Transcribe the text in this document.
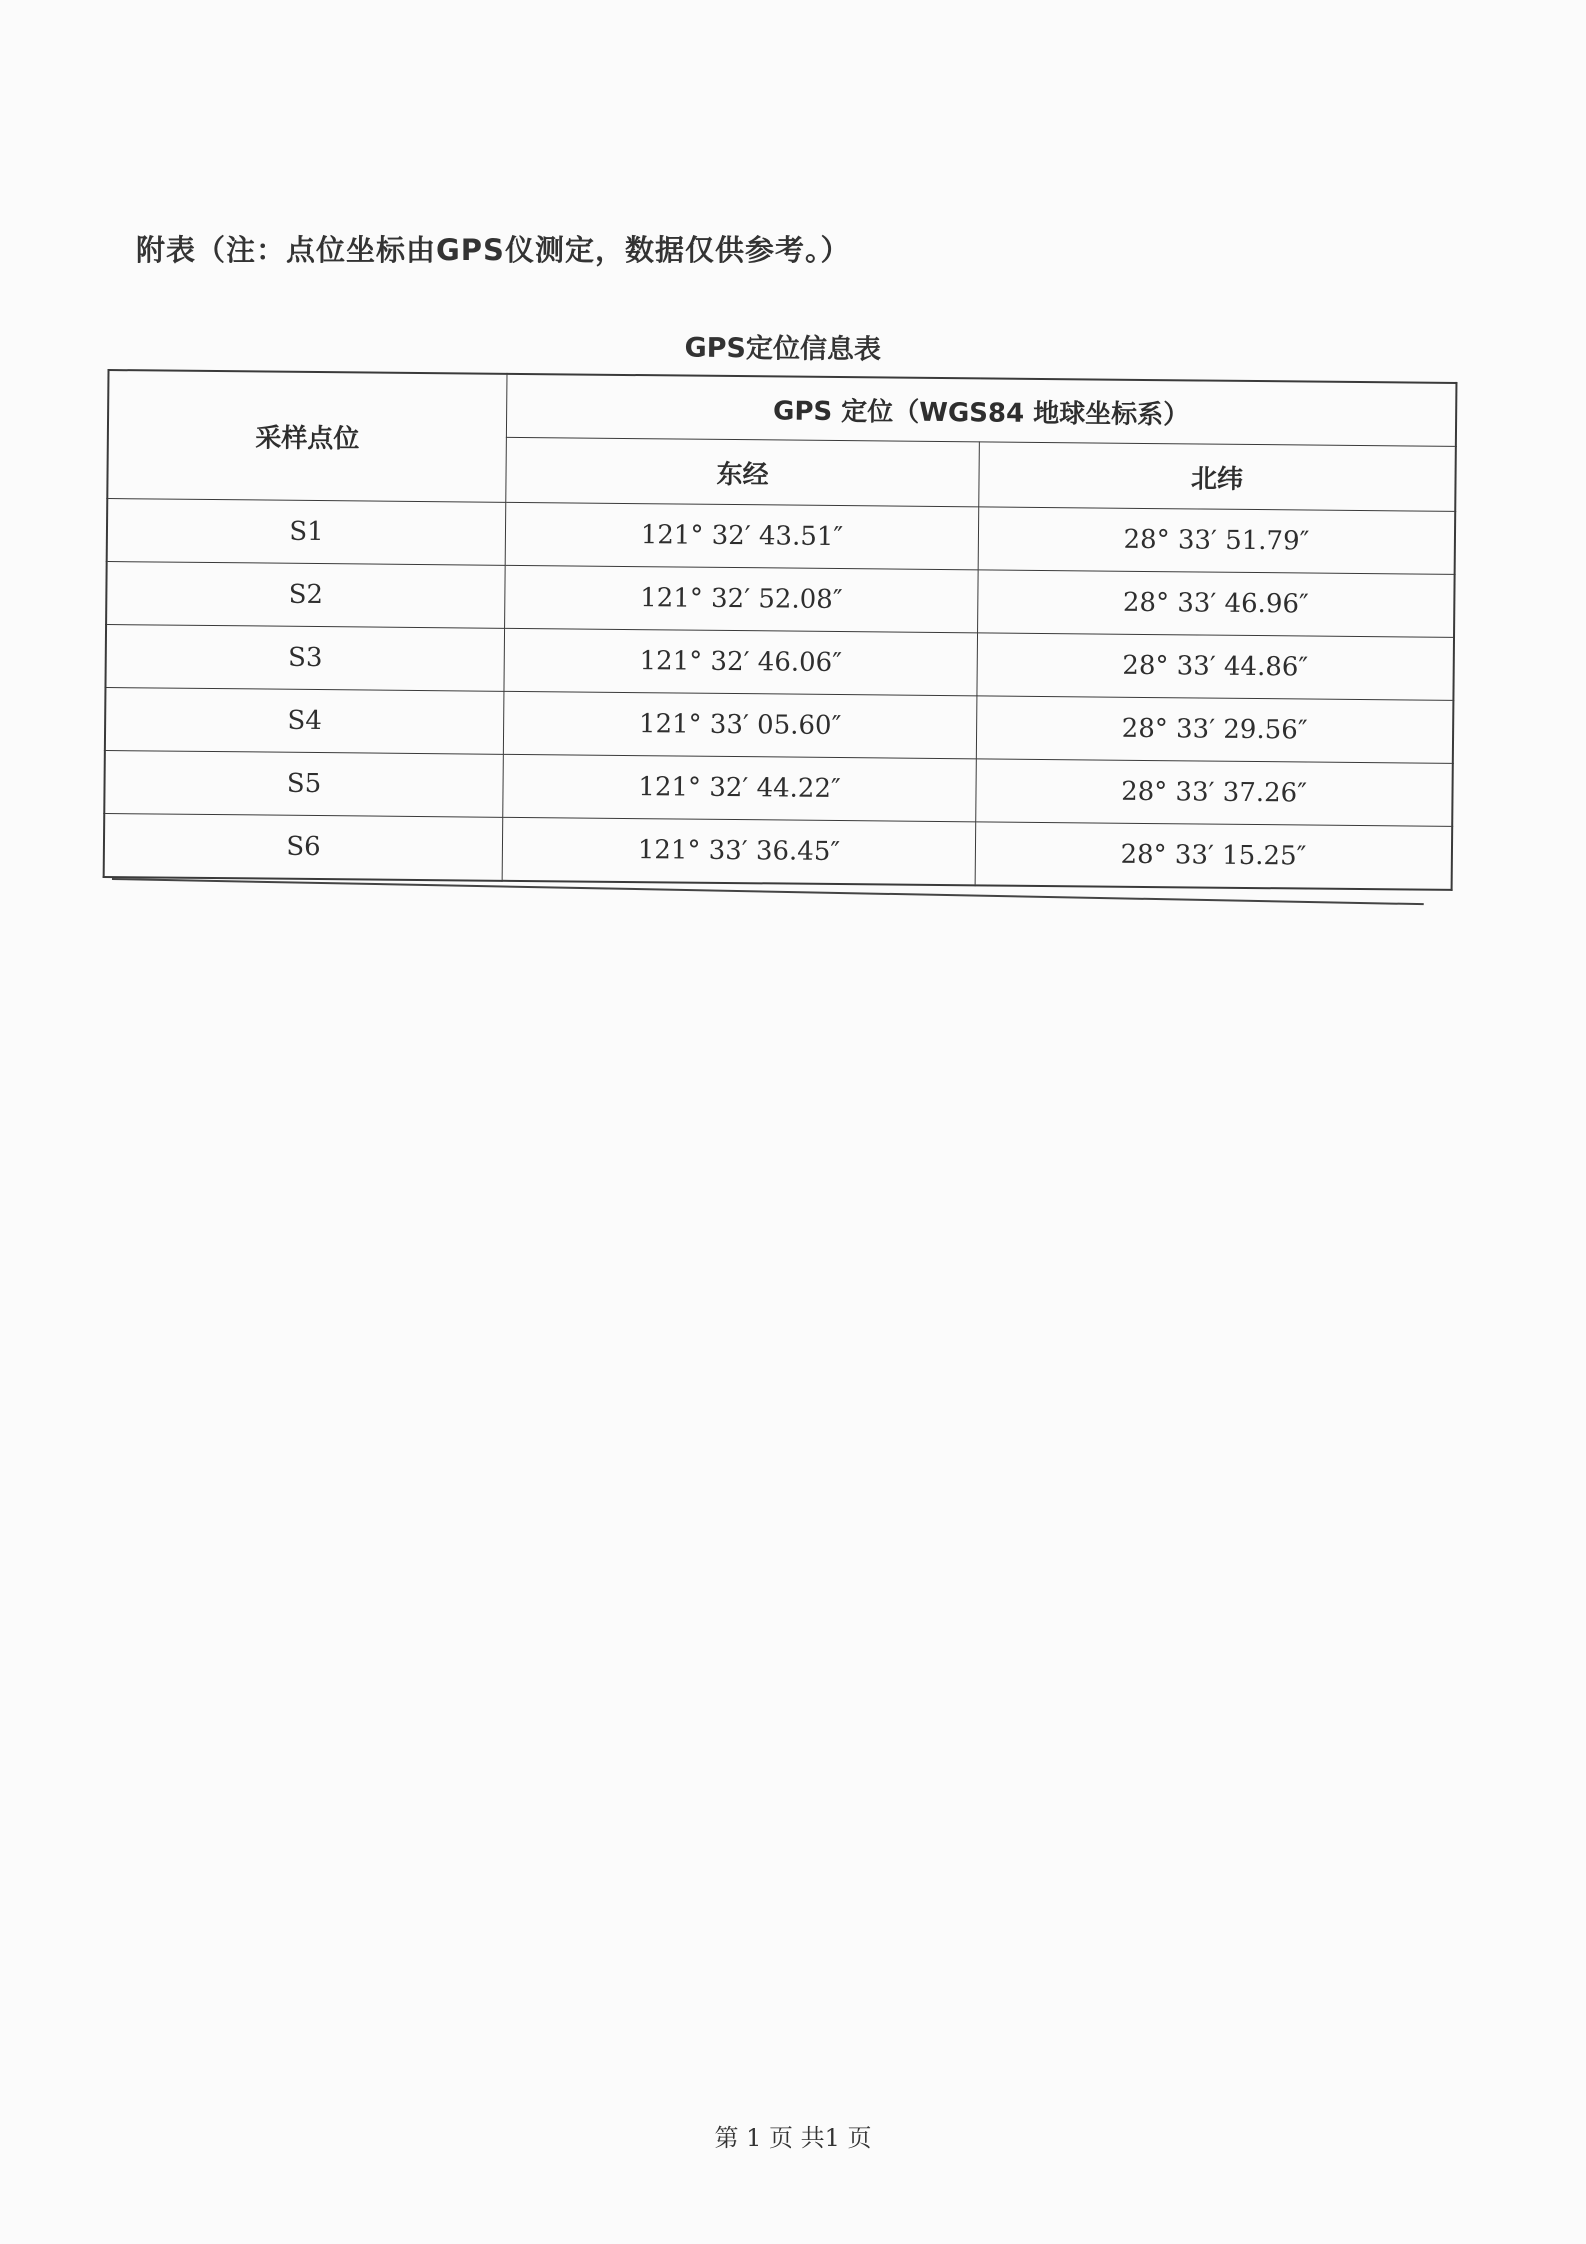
附表（注：点位坐标由GPS仪测定，数据仅供参考。）
GPS定位信息表
采样点位	GPS 定位（WGS84 地球坐标系）	
	东经	北纬
S1	121° 32′ 43.51″	28° 33′ 51.79″
S2	121° 32′ 52.08″	28° 33′ 46.96″
S3	121° 32′ 46.06″	28° 33′ 44.86″
S4	121° 33′ 05.60″	28° 33′ 29.56″
S5	121° 32′ 44.22″	28° 33′ 37.26″
S6	121° 33′ 36.45″	28° 33′ 15.25″
第 1 页 共1 页
